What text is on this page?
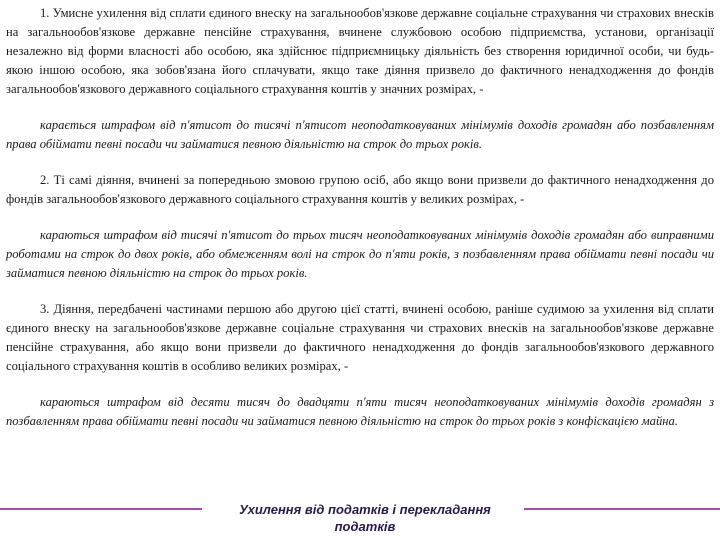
1. Умисне ухилення від сплати єдиного внеску на загальнообов'язкове державне соціальне страхування чи страхових внесків на загальнообов'язкове державне пенсійне страхування, вчинене службовою особою підприємства, установи, організації незалежно від форми власності або особою, яка здійснює підприємницьку діяльність без створення юридичної особи, чи будь-якою іншою особою, яка зобов'язана його сплачувати, якщо таке діяння призвело до фактичного ненадходження до фондів загальнообов'язкового державного соціального страхування коштів у значних розмірах, -

карається штрафом від п'ятисот до тисячі п'ятисот неоподатковуваних мінімумів доходів громадян або позбавленням права обіймати певні посади чи займатися певною діяльністю на строк до трьох років.

2. Ті самі діяння, вчинені за попередньою змовою групою осіб, або якщо вони призвели до фактичного ненадходження до фондів загальнообов'язкового державного соціального страхування коштів у великих розмірах, -

караються штрафом від тисячі п'ятисот до трьох тисяч неоподатковуваних мінімумів доходів громадян або виправними роботами на строк до двох років, або обмеженням волі на строк до п'яти років, з позбавленням права обіймати певні посади чи займатися певною діяльністю на строк до трьох років.

3. Діяння, передбачені частинами першою або другою цієї статті, вчинені особою, раніше судимою за ухилення від сплати єдиного внеску на загальнообов'язкове державне соціальне страхування чи страхових внесків на загальнообов'язкове державне пенсійне страхування, або якщо вони призвели до фактичного ненадходження до фондів загальнообов'язкового державного соціального страхування коштів в особливо великих розмірах, -

караються штрафом від десяти тисяч до двадцяти п'яти тисяч неоподатковуваних мінімумів доходів громадян з позбавленням права обіймати певні посади чи займатися певною діяльністю на строк до трьох років з конфіскацією майна.

Ухилення від податків і перекладання податків
